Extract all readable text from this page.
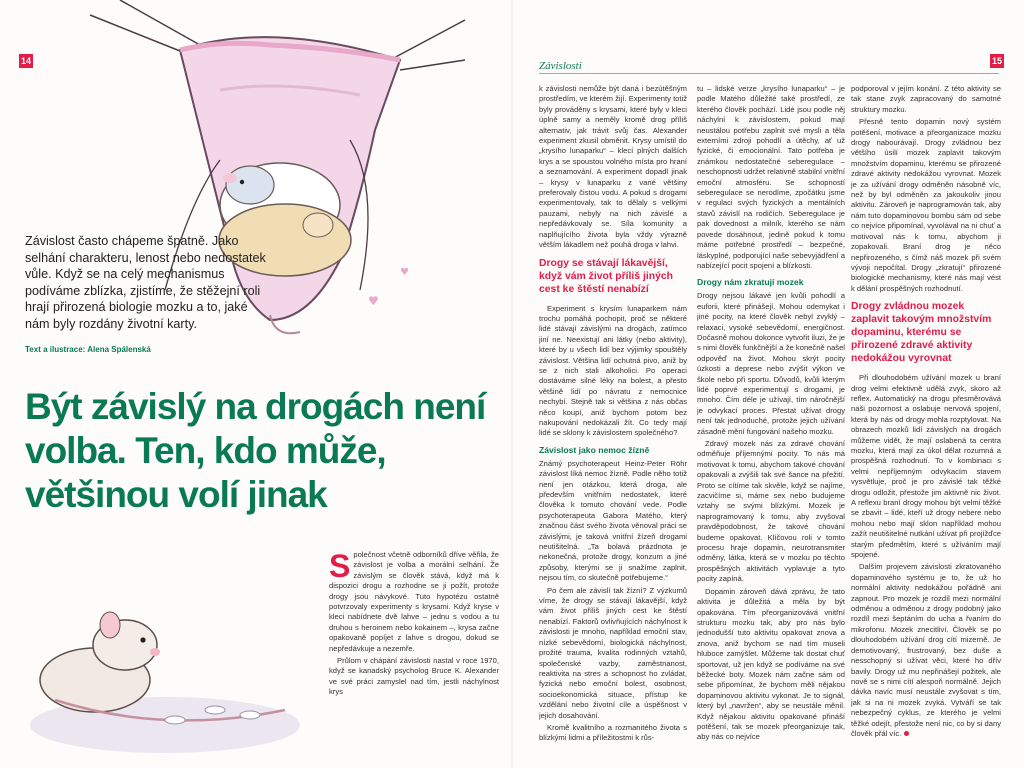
14	15
Závislosti
♥
♥

Závislost často chápeme špatně. Jako selhání charakteru, lenost nebo nedostatek vůle. Když se na celý mechanismus podíváme zblízka, zjistíme, že stěžejní roli hrají přirozená biologie mozku a to, jaké nám byly rozdány životní karty.

Text a ilustrace: Alena Spálenská
Být závislý na drogách není volba. Ten, kdo může, většinou volí jinak

Společnost včetně odborníků dříve věřila, že závislost je volba a morální selhání. Že závislým se člověk stává, když má k dispozici drogu a rozhodne se ji požít, protože drogy jsou návykové. Tuto hypotézu ostatně potvrzovaly experimenty s krysami. Když kryse v kleci nabídnete dvě lahve – jednu s vodou a tu druhou s heroinem nebo kokainem –, krysa začne opakovaně popíjet z lahve s drogou, dokud se nepředávkuje a nezemře.

Průlom v chápání závislosti nastal v roce 1970, když se kanadský psycholog Bruce K. Alexander ve své práci zamyslel nad tím, jestli náchylnost krys

k závislosti nemůže být daná i bezútěšným prostředím, ve kterém žijí. Experimenty totiž byly prováděny s krysami, které byly v kleci úplně samy a neměly kromě drog příliš alternativ, jak trávit svůj čas. Alexander experiment zkusil obměnit. Krysy umístil do „krysího lunaparku“ – klecí plných dalších krys a se spoustou volného místa pro hraní a seznamování. A experiment dopadl jinak – krysy v lunaparku z vané většiny preferovaly čistou vodu. A pokud s drogami experimentovaly, tak to dělaly s velkými pauzami, nebyly na nich závislé a nepředávkovaly se. Síla komunity a naplňujícího života byla vždy výrazně větším lákadlem než pouhá droga v lahvi.

Drogy se stávají lákavější, když vám život příliš jiných cest ke štěstí nenabízí

Experiment s krysím lunaparkem nám trochu pomáhá pochopit, proč se některé lidé stávají závislými na drogách, zatímco jiní ne. Neexistují ani látky (nebo aktivity), které by u všech lidí bez výjimky spouštěly závislost. Většina lidí ochutná pivo, aniž by se z nich stali alkoholici. Po operaci dostáváme silné léky na bolest, a přesto většině lidí po návratu z nemocnice nechybí. Stejně tak si většina z nás občas něco koupí, aniž bychom potom bez nakupování nedokázali žít. Co tedy mají lidé se sklony k závislostem společného?

Závislost jako nemoc žízně

Známý psychoterapeut Heinz-Peter Röhr závislost líká nemoc žízně. Podle něho totiž není jen otázkou, která droga, ale především vnitřním nedostatek, které člověka k tomuto chování vede. Podle psychoterapeuta Gabora Matého, který značnou část svého života věnoval práci se závislými, je taková vnitřní žízeň drogami neutišitelná. „Ta bolavá prázdnota je nekonečná, protože drogy, konzum a jiné způsoby, kterými se ji snažíme zaplnit, nejsou tím, co skutečně potřebujeme.“

Po čem ale závislí tak žízní? Z výzkumů víme, že drogy se stávají lákavější, když vám život příliš jiných cest ke štěstí nenabízí. Faktorů ovlivňujících náchylnost k závislosti je mnoho, například emoční stav, nízké sebevědomí, biologická náchylnost, prožité trauma, kvalita rodinných vztahů, společenské vazby, zaměstnanost, reaktivita na stres a schopnost ho zvládat, fyzická nebo emoční bolest, osobnost, socioekonomická situace, přístup ke vzdělání nebo životní cíle a úspěšnost v jejich dosahování.

Kromě kvalitního a rozmanitého života s blízkými lidmi a příležitostmi k růs-

tu – lidské verze „krysího lunaparku“ – je podle Matého důležité také prostředí, ze kterého člověk pochází. Lidé jsou podle něj náchylní k závislostem, pokud mají neustálou potřebu zaplnit své mysli a těla externími zdroji pohodlí a útěchy, ať už fyzické, či emocionální. Tato potřeba je známkou nedostatečné seberegulace – neschopnosti udržet relativně stabilní vnitřní emoční atmosféru. Se schopností seberegulace se nerodíme, zpočátku jsme v regulaci svých fyzických a mentálních stavů závislí na rodičích. Seberegulace je pak dovednost a milník, kterého se nám povede dosáhnout, jedině pokud k tomu máme potřebné prostředí – bezpečné, láskyplné, podporující naše sebevyjádření a nabízející pocit spojení a blízkosti.

Drogy nám zkratují mozek

Drogy nejsou lákavé jen kvůli pohodlí a euforii, které přinášejí. Mohou odemykat i jiné pocity, na které člověk nebyl zvyklý – relaxaci, vysoké sebevědomí, energičnost. Dočasně mohou dokonce vytvořit iluzi, že je s nimi člověk funkčnější a že konečně našel odpověď na život. Mohou skrýt pocity úzkosti a deprese nebo zvýšit výkon ve škole nebo při sportu. Důvodů, kvůli kterým lidé poprvé experimentují s drogami, je mnoho. Čím déle je užívají, tím náročnější je odvykací proces. Přestat užívat drogy není tak jednoduché, protože jejich užívání zásadně mění fungování našeho mozku.

Zdravý mozek nás za zdravé chování odměňuje příjemnými pocity. To nás má motivovat k tomu, abychom takové chování opakovali a zvýšili tak své šance na přežití. Proto se cítíme tak skvěle, když se najíme, zacvičíme si, máme sex nebo budujeme vztahy se svými blízkými. Mozek je naprogramovaný k tomu, aby zvyšoval pravděpodobnost, že takové chování budeme opakovat. Klíčovou roli v tomto procesu hraje dopamin, neurotransmiter odměny, látka, která se v mozku po těchto prospěšných aktivitách vyplavuje a tyto pocity zapíná.

Dopamin zároveň dává zprávu, že tato aktivita je důležitá a měla by být opakována. Tím přeorganizovává vnitřní strukturu mozku tak, aby pro nás bylo jednodušší tuto aktivitu opakovat znova a znova, aniž bychom se nad tím museli hluboce zamýšlet. Můžeme tak dostat chuť sportovat, už jen když se podíváme na své běžecké boty. Mozek nám začne sám od sebe připomínat, že bychom měli nějakou dopaminovou aktivitu vykonat. Je to signál, který byl „navržen“, aby se neustále měnil. Když nějakou aktivitu opakované přináší potěšení, tak se mozek přeorganizuje tak, aby nás co nejvíce

podporoval v jejím konání. Z této aktivity se tak stane zvyk zapracovaný do samotné struktury mozku.

Přesně tento dopamin nový systém potěšení, motivace a přeorganizace mozku drogy nabourávají. Drogy zvládnou bez většího úsilí mozek zaplavit takovým množstvím dopaminu, kterému se přirozené zdravé aktivity nedokážou vyrovnat. Mozek je za užívání drogy odměněn násobně víc, než by byl odměněn za jakoukoliv jinou aktivitu. Zároveň je naprogramován tak, aby nám tuto dopaminovou bombu sám od sebe co nejvíce připomínal, vyvolával na ni chuť a motivoval nás k tomu, abychom ji zopakovali. Braní drog je něco nepřirozeného, s čímž náš mozek při svém vývoji nepočítal. Drogy „zkratují“ přirozené biologické mechanismy, které nás mají vést k dělání prospěšných rozhodnutí.

Drogy zvládnou mozek zaplavit takovým množstvím dopaminu, kterému se přirozené zdravé aktivity nedokážou vyrovnat

Při dlouhodobém užívání mozek u braní drog velmi efektivně udělá zvyk, skoro až reflex. Automatický na drogu přesměrovává naši pozornost a oslabuje nervová spojení, která by nás od drogy mohla rozptylovat. Na obrazech mozků lidí závislých na drogách můžeme vidět, že mají oslabená ta centra mozku, která mají za úkol dělat rozumná a prospěšná rozhodnutí. To v kombinaci s velmi nepříjemným odvykacím stavem vysvětluje, proč je pro závislé tak těžké drogu odložit, přestože jim aktivně nic život. A reflexu braní drogy mohou být velmi těžké se zbavit – lidé, kteří už drogy nebere nebo mohou nebo mají sklon například mohou zažít neutišitelné nutkání užívat při projížďce starým předmětím, které s užíváním mají spojené.

Dalším projevem závislosti zkratovaného dopaminového systému je to, že už ho normální aktivity nedokážou pořádně ani zapnout. Pro mozek je rozdíl mezi normální odměnou a odměnou z drogy podobný jako rozdíl mezi šeptáním do ucha a řvaním do mikrofonu. Mozek znecitliví. Člověk se po dlouhodobém užívání drog cítí mizerně. Je demotivovaný, frustrovaný, bez duše a nesschopný si užívat věci, které ho dřív bavily. Drogy už mu nepřinášejí požitek, ale nově se s nimi cítí alespoň normálně. Jejich dávka navíc musí neustále zvyšovat s tím, jak si na ni mozek zvyká. Vytváří se tak nebezpečný cyklus, ze kterého je velmi těžké odejít, přestože není nic, co by si dany člověk přál víc.
